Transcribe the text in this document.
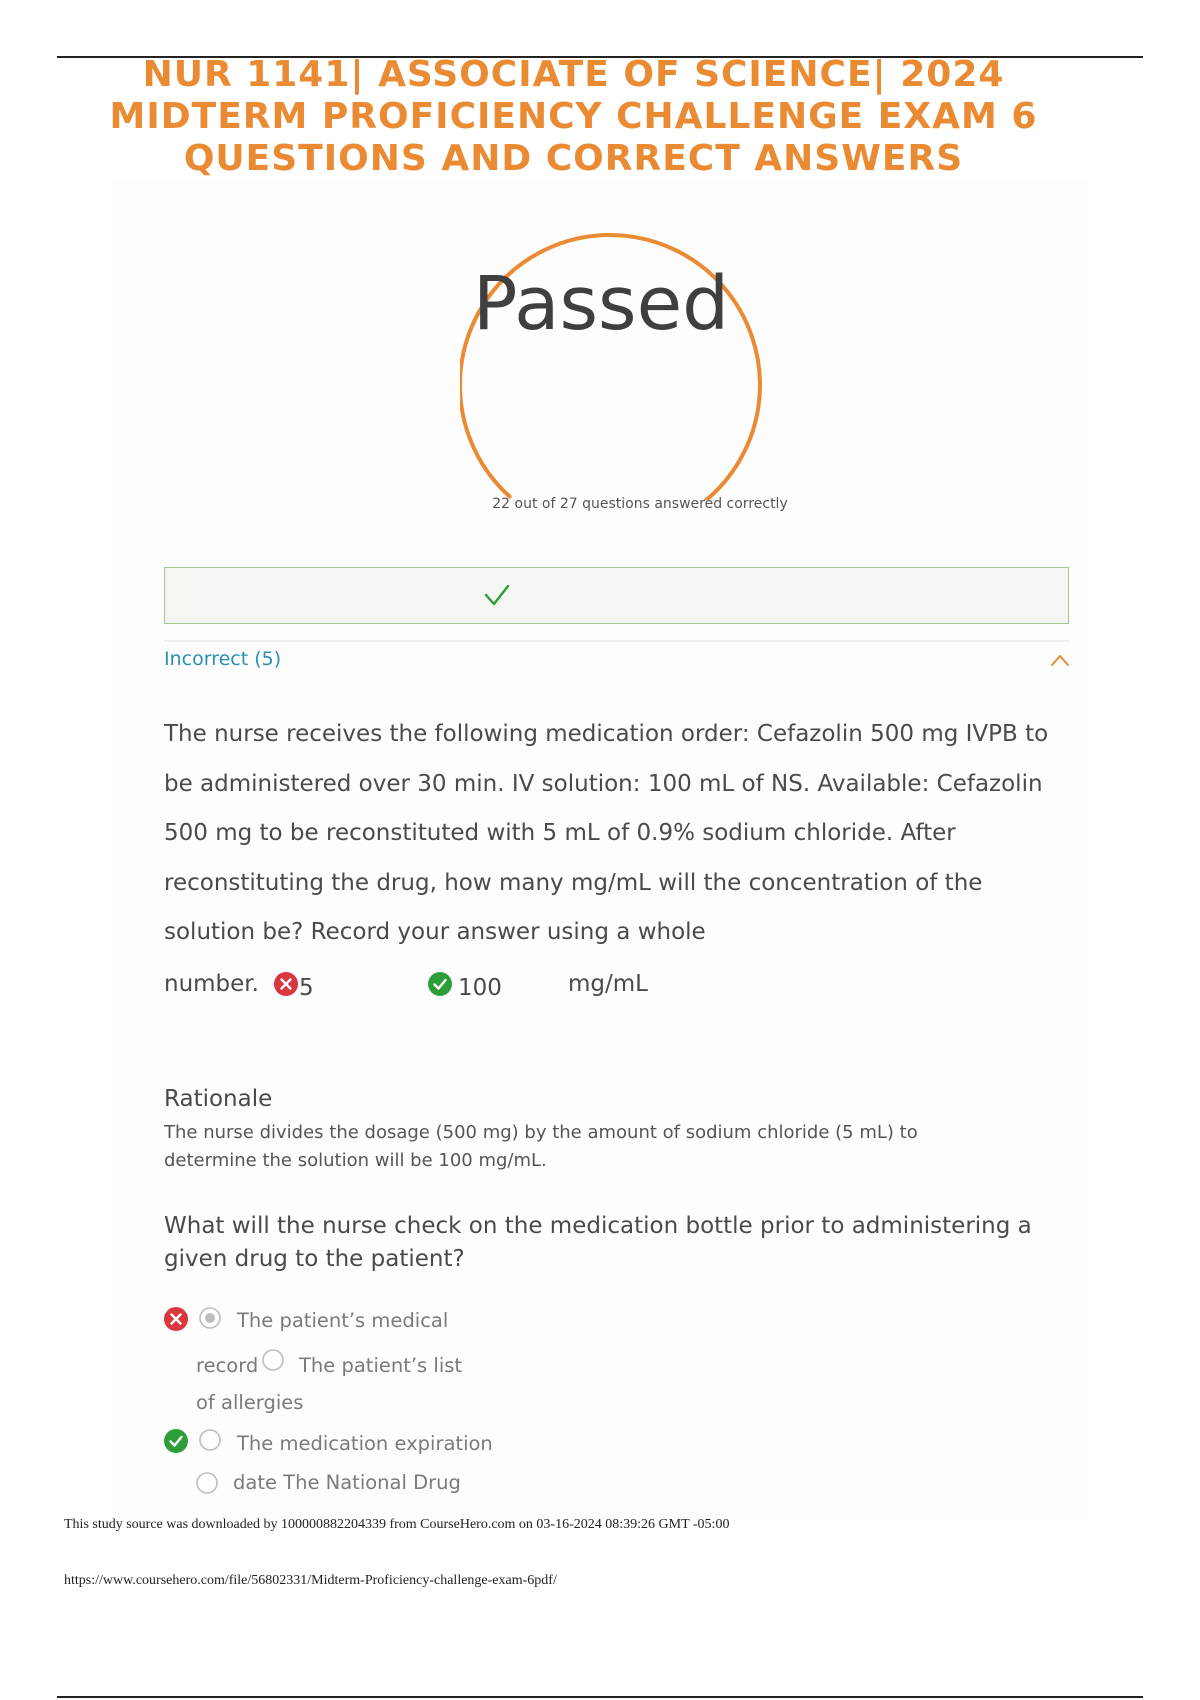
NUR 1141| ASSOCIATE OF SCIENCE| 2024
MIDTERM PROFICIENCY CHALLENGE EXAM 6
QUESTIONS AND CORRECT ANSWERS
Passed
22 out of 27 questions answered correctly
Incorrect (5)
The nurse receives the following medication order: Cefazolin 500 mg IVPB to
be administered over 30 min. IV solution: 100 mL of NS. Available: Cefazolin
500 mg to be reconstituted with 5 mL of 0.9% sodium chloride. After
reconstituting the drug, how many mg/mL will the concentration of the
solution be? Record your answer using a whole
number. 5	100	mg/mL
Rationale
The nurse divides the dosage (500 mg) by the amount of sodium chloride (5 mL) to
determine the solution will be 100 mg/mL.
What will the nurse check on the medication bottle prior to administering a
given drug to the patient?
The patient’s medical
record The patient’s list
of allergies
The medication expiration
date The National Drug
This study source was downloaded by 100000882204339 from CourseHero.com on 03-16-2024 08:39:26 GMT -05:00
https://www.coursehero.com/file/56802331/Midterm-Proficiency-challenge-exam-6pdf/
